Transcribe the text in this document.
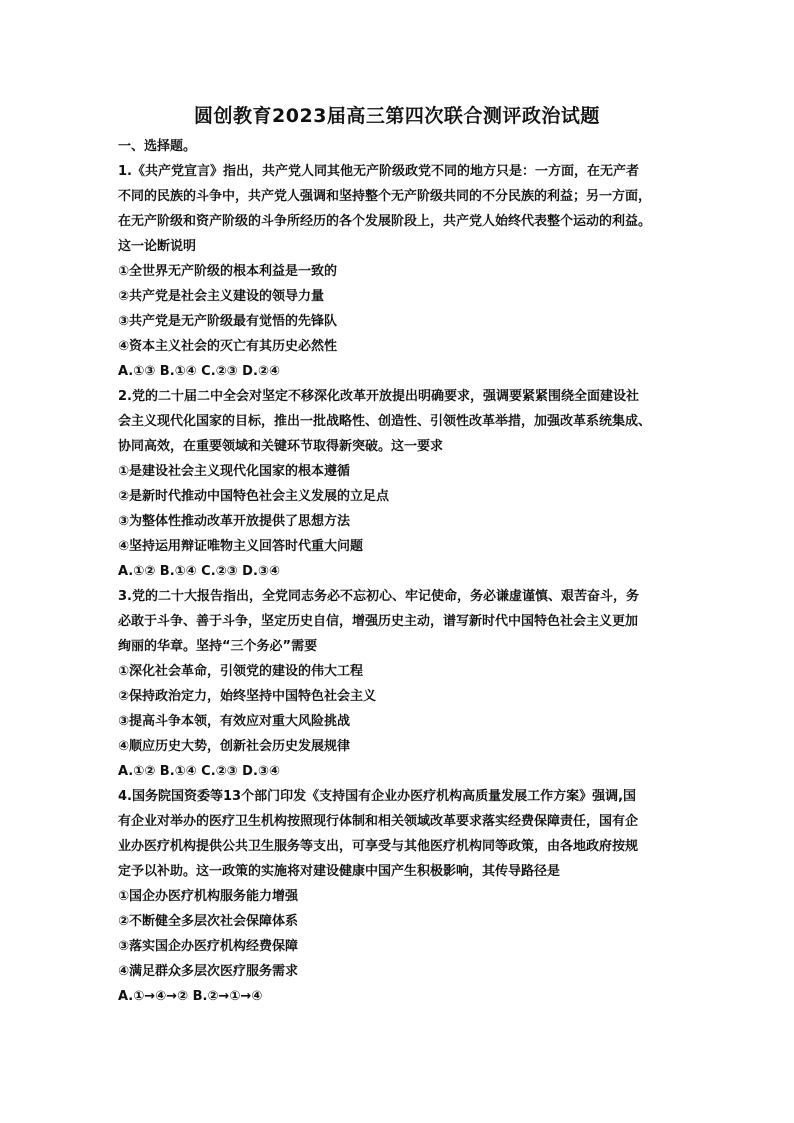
圆创教育2023届高三第四次联合测评政治试题
一、选择题。
1.《共产党宣言》指出，共产党人同其他无产阶级政党不同的地方只是：一方面，在无产者
不同的民族的斗争中，共产党人强调和坚持整个无产阶级共同的不分民族的利益；另一方面，
在无产阶级和资产阶级的斗争所经历的各个发展阶段上，共产党人始终代表整个运动的利益。
这一论断说明
①全世界无产阶级的根本利益是一致的
②共产党是社会主义建设的领导力量
③共产党是无产阶级最有觉悟的先锋队
④资本主义社会的灭亡有其历史必然性
A.①③ B.①④ C.②③ D.②④
2.党的二十届二中全会对坚定不移深化改革开放提出明确要求，强调要紧紧围绕全面建设社
会主义现代化国家的目标，推出一批战略性、创造性、引领性改革举措，加强改革系统集成、
协同高效，在重要领域和关键环节取得新突破。这一要求
①是建设社会主义现代化国家的根本遵循
②是新时代推动中国特色社会主义发展的立足点
③为整体性推动改革开放提供了思想方法
④坚持运用辩证唯物主义回答时代重大问题
A.①② B.①④ C.②③ D.③④
3.党的二十大报告指出，全党同志务必不忘初心、牢记使命，务必谦虚谨慎、艰苦奋斗，务
必敢于斗争、善于斗争，坚定历史自信，增强历史主动，谱写新时代中国特色社会主义更加
绚丽的华章。坚持“三个务必”需要
①深化社会革命，引领党的建设的伟大工程
②保持政治定力，始终坚持中国特色社会主义
③提高斗争本领，有效应对重大风险挑战
④顺应历史大势，创新社会历史发展规律
A.①② B.①④ C.②③ D.③④
4.国务院国资委等13个部门印发《支持国有企业办医疗机构高质量发展工作方案》强调,国
有企业对举办的医疗卫生机构按照现行体制和相关领域改革要求落实经费保障责任，国有企
业办医疗机构提供公共卫生服务等支出，可享受与其他医疗机构同等政策，由各地政府按规
定予以补助。这一政策的实施将对建设健康中国产生积极影响，其传导路径是
①国企办医疗机构服务能力增强
②不断健全多层次社会保障体系
③落实国企办医疗机构经费保障
④满足群众多层次医疗服务需求
A.①→④→② B.②→①→④
